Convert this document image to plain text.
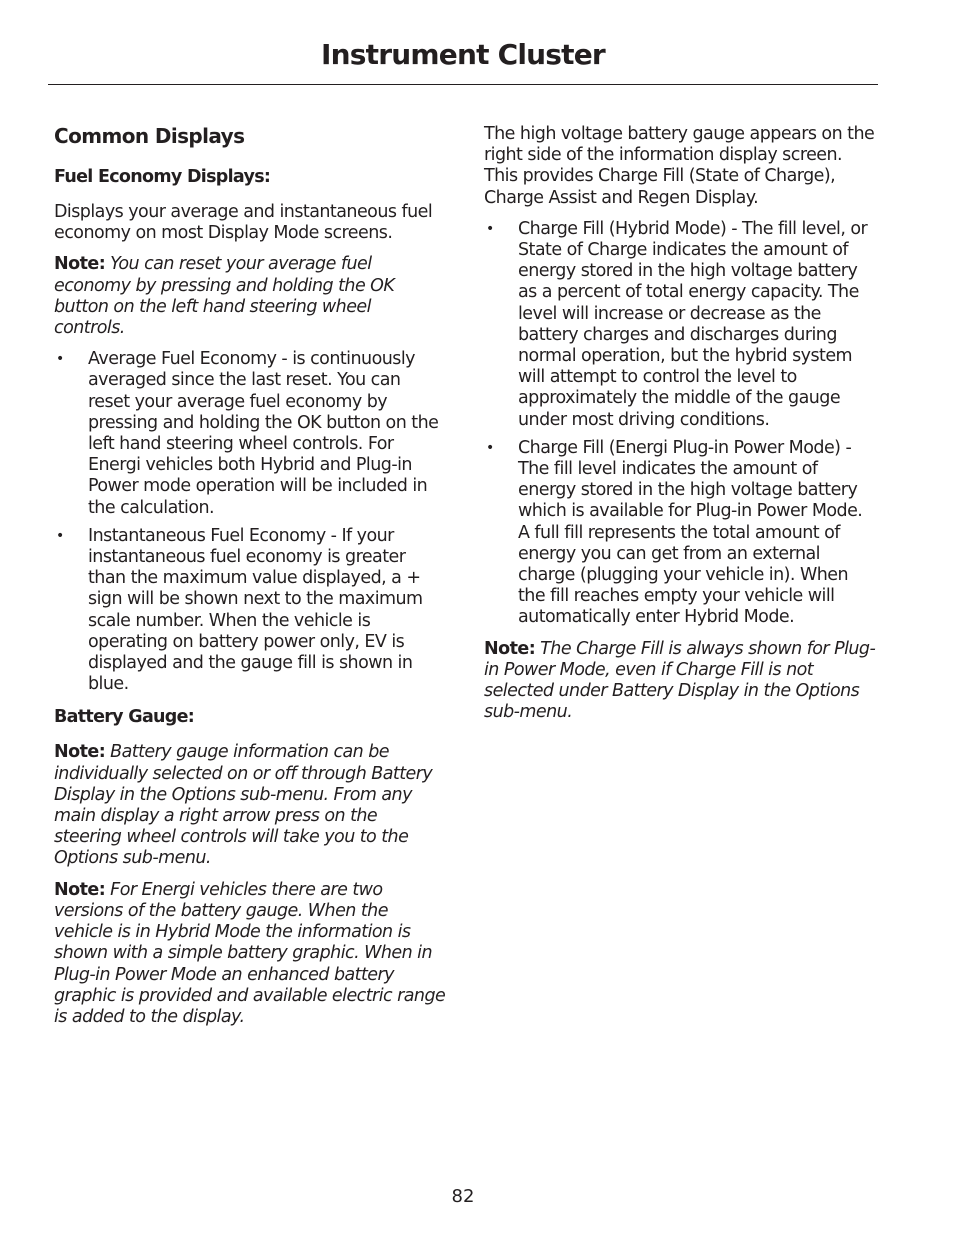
Instrument Cluster
Common Displays
Fuel Economy Displays:

Displays your average and instantaneous fuel economy on most Display Mode screens.

Note: You can reset your average fuel economy by pressing and holding the OK button on the left hand steering wheel controls.

• Average Fuel Economy - is continuously averaged since the last reset. You can reset your average fuel economy by pressing and holding the OK button on the left hand steering wheel controls. For Energi vehicles both Hybrid and Plug-in Power mode operation will be included in the calculation.
• Instantaneous Fuel Economy - If your instantaneous fuel economy is greater than the maximum value displayed, a + sign will be shown next to the maximum scale number. When the vehicle is operating on battery power only, EV is displayed and the gauge fill is shown in blue.
Battery Gauge:

Note: Battery gauge information can be individually selected on or off through Battery Display in the Options sub-menu. From any main display a right arrow press on the steering wheel controls will take you to the Options sub-menu.

Note: For Energi vehicles there are two versions of the battery gauge. When the vehicle is in Hybrid Mode the information is shown with a simple battery graphic. When in Plug-in Power Mode an enhanced battery graphic is provided and available electric range is added to the display.

The high voltage battery gauge appears on the right side of the information display screen. This provides Charge Fill (State of Charge), Charge Assist and Regen Display.

• Charge Fill (Hybrid Mode) - The fill level, or State of Charge indicates the amount of energy stored in the high voltage battery as a percent of total energy capacity. The level will increase or decrease as the battery charges and discharges during normal operation, but the hybrid system will attempt to control the level to approximately the middle of the gauge under most driving conditions.
• Charge Fill (Energi Plug-in Power Mode) - The fill level indicates the amount of energy stored in the high voltage battery which is available for Plug-in Power Mode. A full fill represents the total amount of energy you can get from an external charge (plugging your vehicle in). When the fill reaches empty your vehicle will automatically enter Hybrid Mode.

Note: The Charge Fill is always shown for Plug-in Power Mode, even if Charge Fill is not selected under Battery Display in the Options sub-menu.

82
